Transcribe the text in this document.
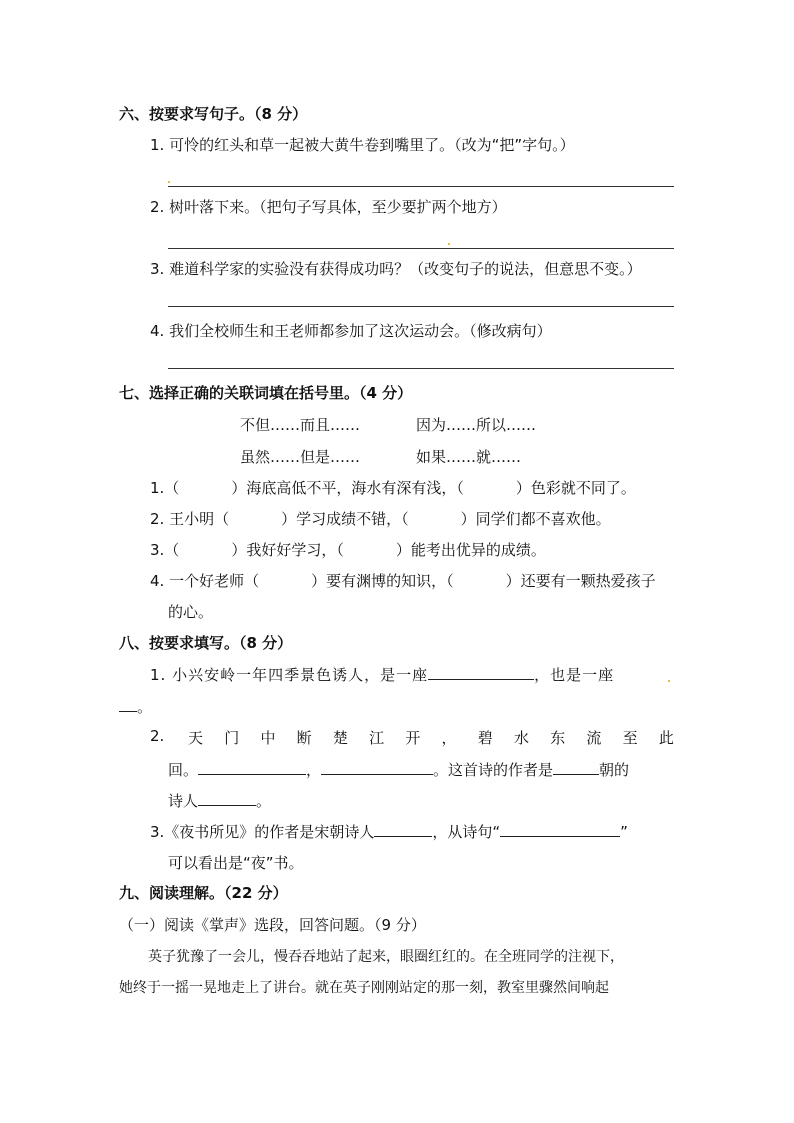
六、按要求写句子。（8 分）
1. 可怜的红头和草一起被大黄牛卷到嘴里了。（改为“把”字句。）
2. 树叶落下来。（把句子写具体，至少要扩两个地方）
3. 难道科学家的实验没有获得成功吗？（改变句子的说法，但意思不变。）
4. 我们全校师生和王老师都参加了这次运动会。（修改病句）
七、选择正确的关联词填在括号里。（4 分）
不但……而且……	因为……所以……
虽然……但是……	如果……就……
1.（	）海底高低不平，海水有深有浅，（	）色彩就不同了。
2. 王小明（	）学习成绩不错，（	）同学们都不喜欢他。
3.（	）我好好学习，（	）能考出优异的成绩。
4. 一个好老师（	）要有渊博的知识，（	）还要有一颗热爱孩子
的心。
八、按要求填写。（8 分）
1. 小兴安岭一年四季景色诱人，是一座	，也是一座
。
2. 天 门 中 断 楚 江 开 ， 碧 水 东 流 至 此
回。	，	。这首诗的作者是	朝的
诗人	。
3.《夜书所见》的作者是宋朝诗人	，从诗句“	”
可以看出是“夜”书。
九、阅读理解。（22 分）
（一）阅读《掌声》选段，回答问题。（9 分）
英子犹豫了一会儿，慢吞吞地站了起来，眼圈红红的。在全班同学的注视下，
她终于一摇一晃地走上了讲台。就在英子刚刚站定的那一刻，教室里骤然间响起
